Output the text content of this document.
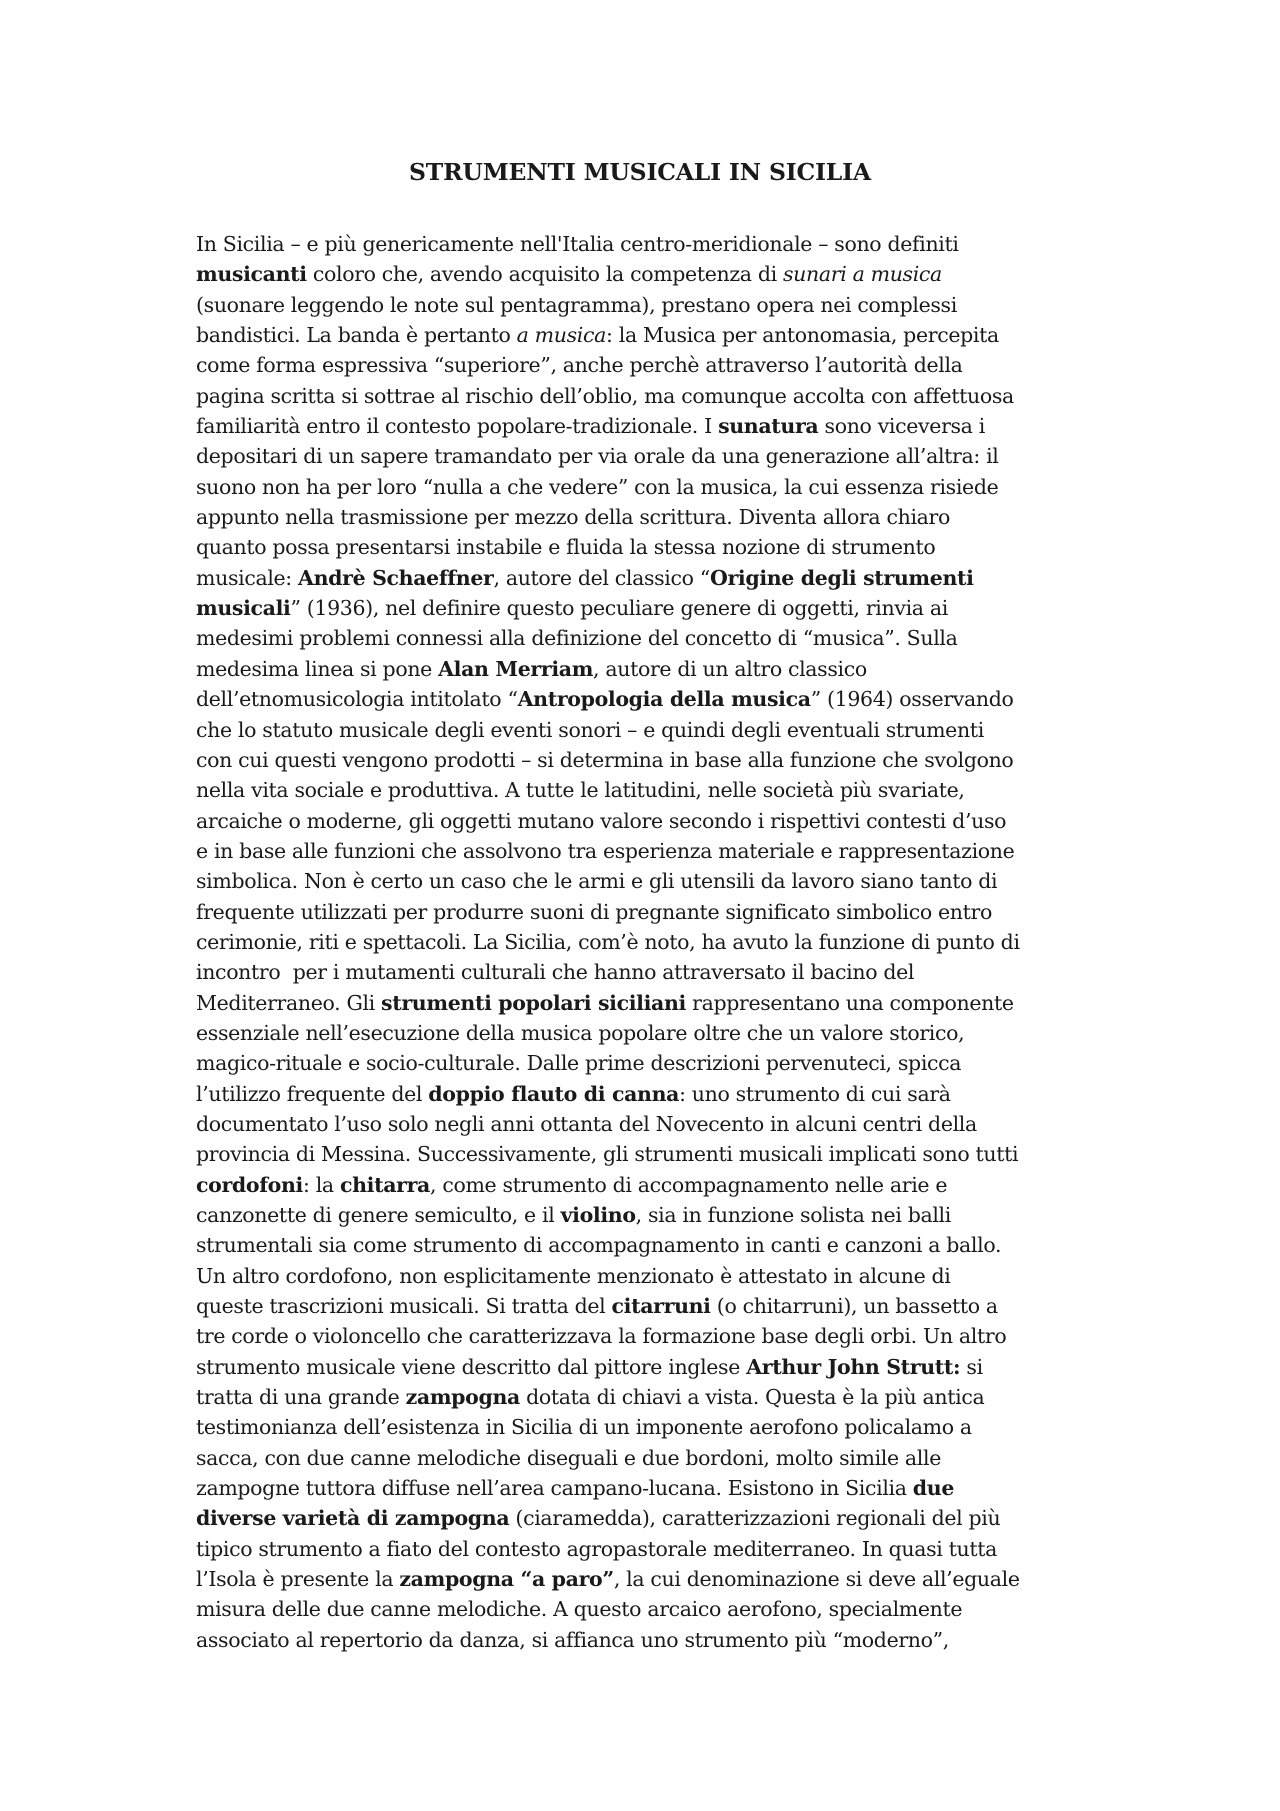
STRUMENTI MUSICALI IN SICILIA
In Sicilia – e più genericamente nell'Italia centro-meridionale – sono definiti
musicanti coloro che, avendo acquisito la competenza di sunari a musica
(suonare leggendo le note sul pentagramma), prestano opera nei complessi
bandistici. La banda è pertanto a musica: la Musica per antonomasia, percepita
come forma espressiva “superiore”, anche perchè attraverso l’autorità della
pagina scritta si sottrae al rischio dell’oblio, ma comunque accolta con affettuosa
familiarità entro il contesto popolare-tradizionale. I sunatura sono viceversa i
depositari di un sapere tramandato per via orale da una generazione all’altra: il
suono non ha per loro “nulla a che vedere” con la musica, la cui essenza risiede
appunto nella trasmissione per mezzo della scrittura. Diventa allora chiaro
quanto possa presentarsi instabile e fluida la stessa nozione di strumento
musicale: Andrè Schaeffner, autore del classico “Origine degli strumenti
musicali” (1936), nel definire questo peculiare genere di oggetti, rinvia ai
medesimi problemi connessi alla definizione del concetto di “musica”. Sulla
medesima linea si pone Alan Merriam, autore di un altro classico
dell’etnomusicologia intitolato “Antropologia della musica” (1964) osservando
che lo statuto musicale degli eventi sonori – e quindi degli eventuali strumenti
con cui questi vengono prodotti – si determina in base alla funzione che svolgono
nella vita sociale e produttiva. A tutte le latitudini, nelle società più svariate,
arcaiche o moderne, gli oggetti mutano valore secondo i rispettivi contesti d’uso
e in base alle funzioni che assolvono tra esperienza materiale e rappresentazione
simbolica. Non è certo un caso che le armi e gli utensili da lavoro siano tanto di
frequente utilizzati per produrre suoni di pregnante significato simbolico entro
cerimonie, riti e spettacoli. La Sicilia, com’è noto, ha avuto la funzione di punto di
incontro  per i mutamenti culturali che hanno attraversato il bacino del
Mediterraneo. Gli strumenti popolari siciliani rappresentano una componente
essenziale nell’esecuzione della musica popolare oltre che un valore storico,
magico-rituale e socio-culturale. Dalle prime descrizioni pervenuteci, spicca
l’utilizzo frequente del doppio flauto di canna: uno strumento di cui sarà
documentato l’uso solo negli anni ottanta del Novecento in alcuni centri della
provincia di Messina. Successivamente, gli strumenti musicali implicati sono tutti
cordofoni: la chitarra, come strumento di accompagnamento nelle arie e
canzonette di genere semiculto, e il violino, sia in funzione solista nei balli
strumentali sia come strumento di accompagnamento in canti e canzoni a ballo.
Un altro cordofono, non esplicitamente menzionato è attestato in alcune di
queste trascrizioni musicali. Si tratta del citarruni (o chitarruni), un bassetto a
tre corde o violoncello che caratterizzava la formazione base degli orbi. Un altro
strumento musicale viene descritto dal pittore inglese Arthur John Strutt: si
tratta di una grande zampogna dotata di chiavi a vista. Questa è la più antica
testimonianza dell’esistenza in Sicilia di un imponente aerofono policalamo a
sacca, con due canne melodiche diseguali e due bordoni, molto simile alle
zampogne tuttora diffuse nell’area campano-lucana. Esistono in Sicilia due
diverse varietà di zampogna (ciaramedda), caratterizzazioni regionali del più
tipico strumento a fiato del contesto agropastorale mediterraneo. In quasi tutta
l’Isola è presente la zampogna “a paro”, la cui denominazione si deve all’eguale
misura delle due canne melodiche. A questo arcaico aerofono, specialmente
associato al repertorio da danza, si affianca uno strumento più “moderno”,
